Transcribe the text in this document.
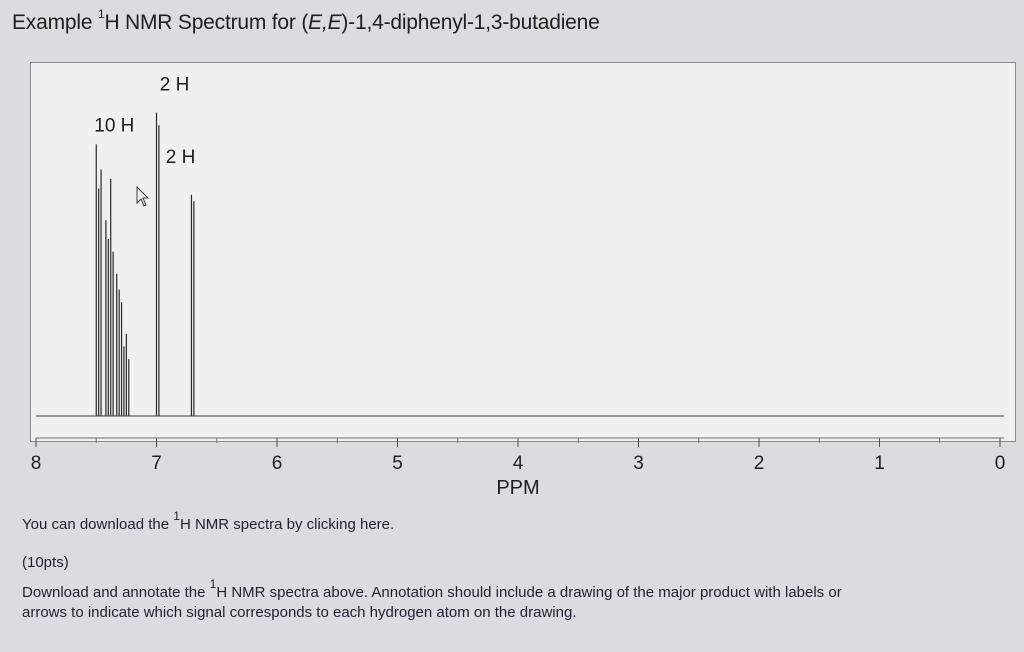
Example $^1$H NMR Spectrum for (E,E)-1,4-diphenyl-1,3-butadiene
8	7	6	5	4	3	2	1	0
PPM
10 H
2 H
2 H
You can download the $^1$H NMR spectra by clicking here.
(10pts)
Download and annotate the $^1$H NMR spectra above. Annotation should include a drawing of the major product with labels or
arrows to indicate which signal corresponds to each hydrogen atom on the drawing.
